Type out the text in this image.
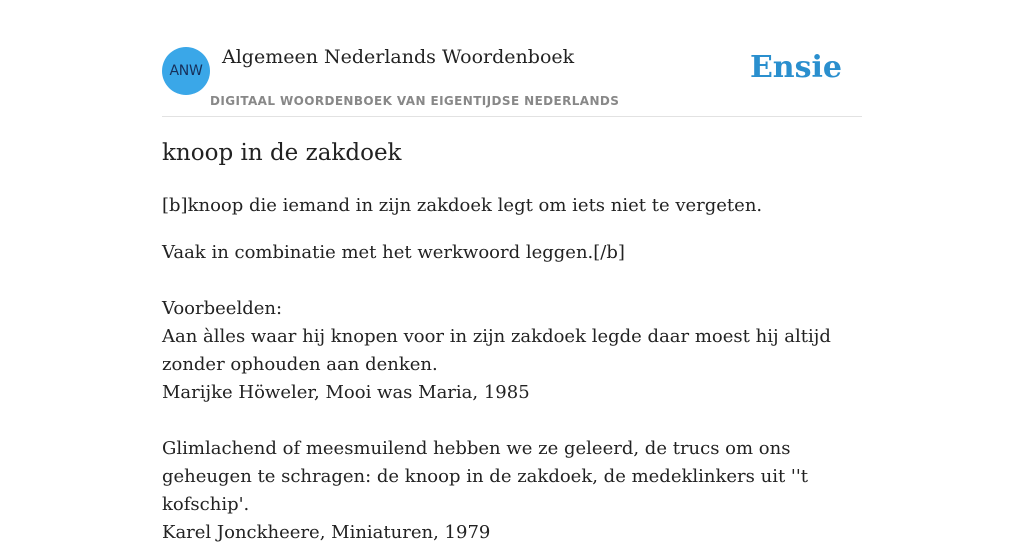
ANW
Algemeen Nederlands Woordenboek
DIGITAAL WOORDENBOEK VAN EIGENTIJDSE NEDERLANDS
Ensie
knoop in de zakdoek

[b]knoop die iemand in zijn zakdoek legt om iets niet te vergeten.

Vaak in combinatie met het werkwoord leggen.[/b]
Voorbeelden:
Aan àlles waar hij knopen voor in zijn zakdoek legde daar moest hij altijd zonder ophouden aan denken.
Marijke Höweler, Mooi was Maria, 1985
Glimlachend of meesmuilend hebben we ze geleerd, de trucs om ons geheugen te schragen: de knoop in de zakdoek, de medeklinkers uit ''t kofschip'.
Karel Jonckheere, Miniaturen, 1979
